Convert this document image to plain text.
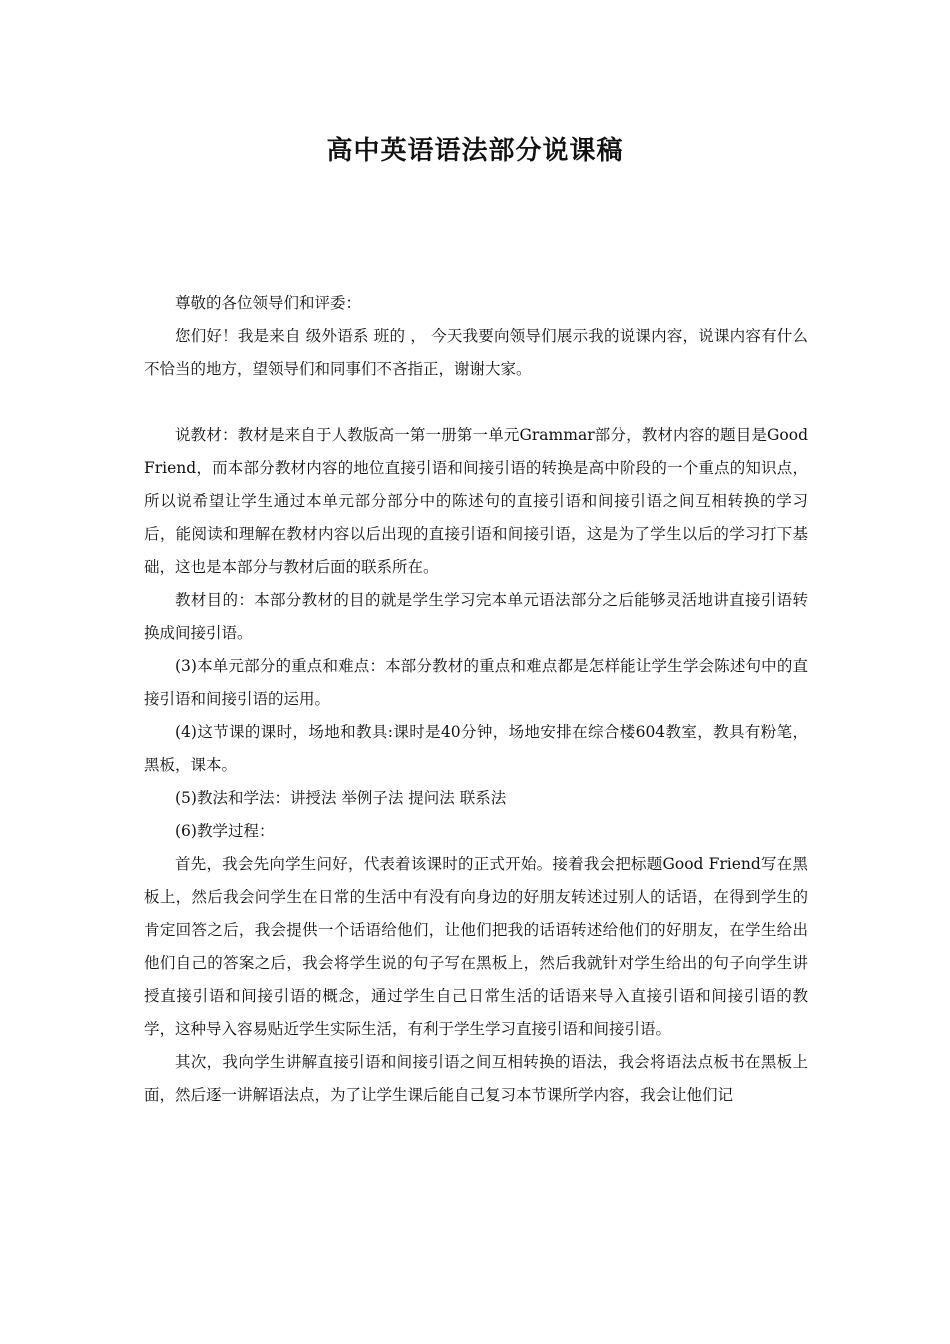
高中英语语法部分说课稿

尊敬的各位领导们和评委：

您们好！我是来自 级外语系 班的 ， 今天我要向领导们展示我的说课内容，说课内容有什么不恰当的地方，望领导们和同事们不吝指正，谢谢大家。

说教材：教材是来自于人教版高一第一册第一单元Grammar部分，教材内容的题目是Good Friend，而本部分教材内容的地位直接引语和间接引语的转换是高中阶段的一个重点的知识点，所以说希望让学生通过本单元部分部分中的陈述句的直接引语和间接引语之间互相转换的学习后，能阅读和理解在教材内容以后出现的直接引语和间接引语，这是为了学生以后的学习打下基础，这也是本部分与教材后面的联系所在。

教材目的：本部分教材的目的就是学生学习完本单元语法部分之后能够灵活地讲直接引语转换成间接引语。

(3)本单元部分的重点和难点：本部分教材的重点和难点都是怎样能让学生学会陈述句中的直接引语和间接引语的运用。

(4)这节课的课时，场地和教具:课时是40分钟，场地安排在综合楼604教室，教具有粉笔，黑板，课本。

(5)教法和学法：讲授法 举例子法 提问法 联系法

(6)教学过程：

首先，我会先向学生问好，代表着该课时的正式开始。接着我会把标题Good Friend写在黑板上，然后我会问学生在日常的生活中有没有向身边的好朋友转述过别人的话语，在得到学生的肯定回答之后，我会提供一个话语给他们，让他们把我的话语转述给他们的好朋友，在学生给出他们自己的答案之后，我会将学生说的句子写在黑板上，然后我就针对学生给出的句子向学生讲授直接引语和间接引语的概念，通过学生自己日常生活的话语来导入直接引语和间接引语的教学，这种导入容易贴近学生实际生活，有利于学生学习直接引语和间接引语。

其次，我向学生讲解直接引语和间接引语之间互相转换的语法，我会将语法点板书在黑板上面，然后逐一讲解语法点，为了让学生课后能自己复习本节课所学内容，我会让他们记
